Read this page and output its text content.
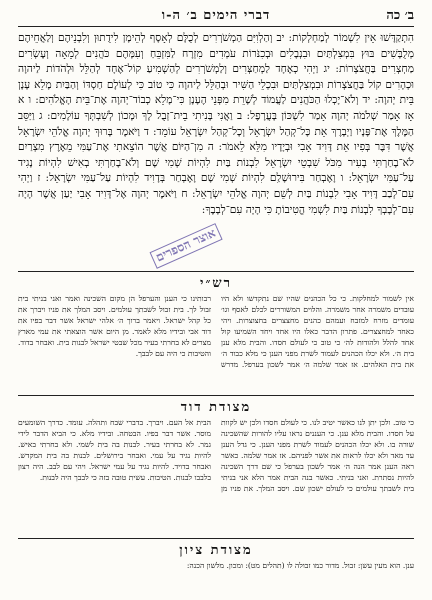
ב׳ כה
דברי הימים ב׳ ה-ו

הִתְקַדָּשׁוּ אֵין לִשְׁמוֹר לְמַחְלְקוֹת: יב וְהַלְוִיִּם הַמְשֹׁרְרִים לְכֻלָּם לְאָסָף לְהֵימָן לִידֻתוּן וְלִבְנֵיהֶם וְלַאֲחֵיהֶם מְלֻבָּשִׁים בּוּץ בִּמְצִלְתַּיִם וּבִנְבָלִים וּבְכִנֹּרוֹת עֹמְדִים מִזְרָח לַמִּזְבֵּחַ וְעִמָּהֶם כֹּהֲנִים לְמֵאָה וְעֶשְׂרִים מַחְצְרִים בַּחֲצֹצְרוֹת: יג וַיְהִי כְאֶחָד לַמְחַצְּרִים וְלַמְשֹׁרְרִים לְהַשְׁמִיעַ קוֹל־אֶחָד לְהַלֵּל וּלְהֹדוֹת לַיהוָה וּכְהָרִים קוֹל בַּחֲצֹצְרוֹת וּבִמְצִלְתַּיִם וּבִכְלֵי הַשִּׁיר וּבְהַלֵּל לַיהוָה כִּי טוֹב כִּי לְעוֹלָם חַסְדּוֹ וְהַבַּיִת מָלֵא עָנָן בֵּית יְהוָה: יד וְלֹא־יָכְלוּ הַכֹּהֲנִים לַעֲמוֹד לְשָׁרֵת מִפְּנֵי הֶעָנָן כִּי־מָלֵא כְבוֹד־יְהוָה אֶת־בֵּית הָאֱלֹהִים: ו א אָז אָמַר שְׁלֹמֹה יְהוָה אָמַר לִשְׁכּוֹן בָּעֲרָפֶל: ב וַאֲנִי בָּנִיתִי בֵית־זְבֻל לָךְ וּמָכוֹן לְשִׁבְתְּךָ עוֹלָמִים: ג וַיַּסֵּב הַמֶּלֶךְ אֶת־פָּנָיו וַיְבָרֶךְ אֵת כָּל־קְהַל יִשְׂרָאֵל וְכָל־קְהַל יִשְׂרָאֵל עוֹמֵד: ד וַיֹּאמֶר בָּרוּךְ יְהוָה אֱלֹהֵי יִשְׂרָאֵל אֲשֶׁר דִּבֶּר בְּפִיו אֵת דָּוִיד אָבִי וּבְיָדָיו מִלֵּא לֵאמֹר: ה מִן־הַיּוֹם אֲשֶׁר הוֹצֵאתִי אֶת־עַמִּי מֵאֶרֶץ מִצְרַיִם לֹא־בָחַרְתִּי בְעִיר מִכֹּל שִׁבְטֵי יִשְׂרָאֵל לִבְנוֹת בַּיִת לִהְיוֹת שְׁמִי שָׁם וְלֹא־בָחַרְתִּי בְאִישׁ לִהְיוֹת נָגִיד עַל־עַמִּי יִשְׂרָאֵל: ו וָאֶבְחַר בִּירוּשָׁלִַם לִהְיוֹת שְׁמִי שָׁם וָאֶבְחַר בְּדָוִיד לִהְיוֹת עַל־עַמִּי יִשְׂרָאֵל: ז וַיְהִי עִם־לְבַב דָּוִיד אָבִי לִבְנוֹת בַּיִת לְשֵׁם יְהוָה אֱלֹהֵי יִשְׂרָאֵל: ח וַיֹּאמֶר יְהוָה אֶל־דָּוִיד אָבִי יַעַן אֲשֶׁר הָיָה עִם־לְבָבְךָ לִבְנוֹת בַּיִת לִשְׁמִי הֱטִיבוֹתָ כִּי הָיָה עִם־לְבָבֶךָ:

אוצר הספרים
רש״י

אין לשמור למחלקות. כי כל הכהנים שהיו שם נתקדשו ולא היו עובדים משמרה אחר משמרה. והלוים המשוררים לכלם לאסף וגו׳ עומדים מזרח למזבח ועמהם כהנים מחצצרים בחצוצרות. ויהי כאחד למחצצרים. פתרון הדבר כאלו היו אחד ויחד השמיעו קול אחד להלל ולהודות לה׳ כי טוב כי לעולם חסדו. והבית מלא ענן בית ה׳. ולא יכלו הכהנים לעמוד לשרת מפני הענן כי מלא כבוד ה׳ את בית האלהים. אז אמר שלמה ה׳ אמר לשכון בערפל. מדרש רבותינו כי הענן והערפל הן מקום השכינה ואמר ואני בניתי בית זבול לך. בית זבול לשבתך עולמים. ויסב המלך את פניו ויברך את כל קהל ישראל. ויאמר ברוך ה׳ אלהי ישראל אשר דבר בפיו את דוד אבי ובידיו מלא לאמר. מן היום אשר הוצאתי את עמי מארץ מצרים לא בחרתי בעיר מכל שבטי ישראל לבנות בית. ואבחר בדוד. והטיבות כי היה עם לבבך.

מצודת דוד

כי טוב. ולכן יתן לנו כאשר יטיב לנו. כי לעולם חסדו ולכן יש לקוות על חסדו. והבית מלא ענן. כי העננים נראו עליו להורות שהשכינה שורה בו. ולא יכלו הכהנים לעמוד לשרת מפני הענן. כי גדל הענן עד מאד ולא יכלו לראות את אשר לפניהם. אז אמר שלמה. כאשר ראה הענן אמר הנה ה׳ אמר לשכון בערפל כי שם דרך השכינה להיות נסתרת. ואני בניתי. כאשר בנה הבית אמר הלא אני בניתי בית לשבתך עולמים כי לעולם ישכון שם. ויסב המלך. את פניו מן הבית אל העם. ויברך. בדברי שבח ותהלה. עומד. כדרך השומעים מוסר. אשר דבר בפיו. הבטחה. ובידיו מלא. כי הביא הדבר לידי גמר. לא בחרתי בעיר. לבנות בה בית לשמי. ולא בחרתי באיש. להיות נגיד על עמי. ואבחר בירושלים. לבנות בה בית המקדש. ואבחר בדויד. להיות נגיד על עמי ישראל. ויהי עם לבב. היה רצון בלבבו לבנות. הטיבות. עשית טובה בזה כי לבבך היה לבנות.

מצודת ציון

ענן. הוא מעין עשן: זבול. מדור כמו זבולה לו (תהלים מט): ומכון. מלשון הכנה:
